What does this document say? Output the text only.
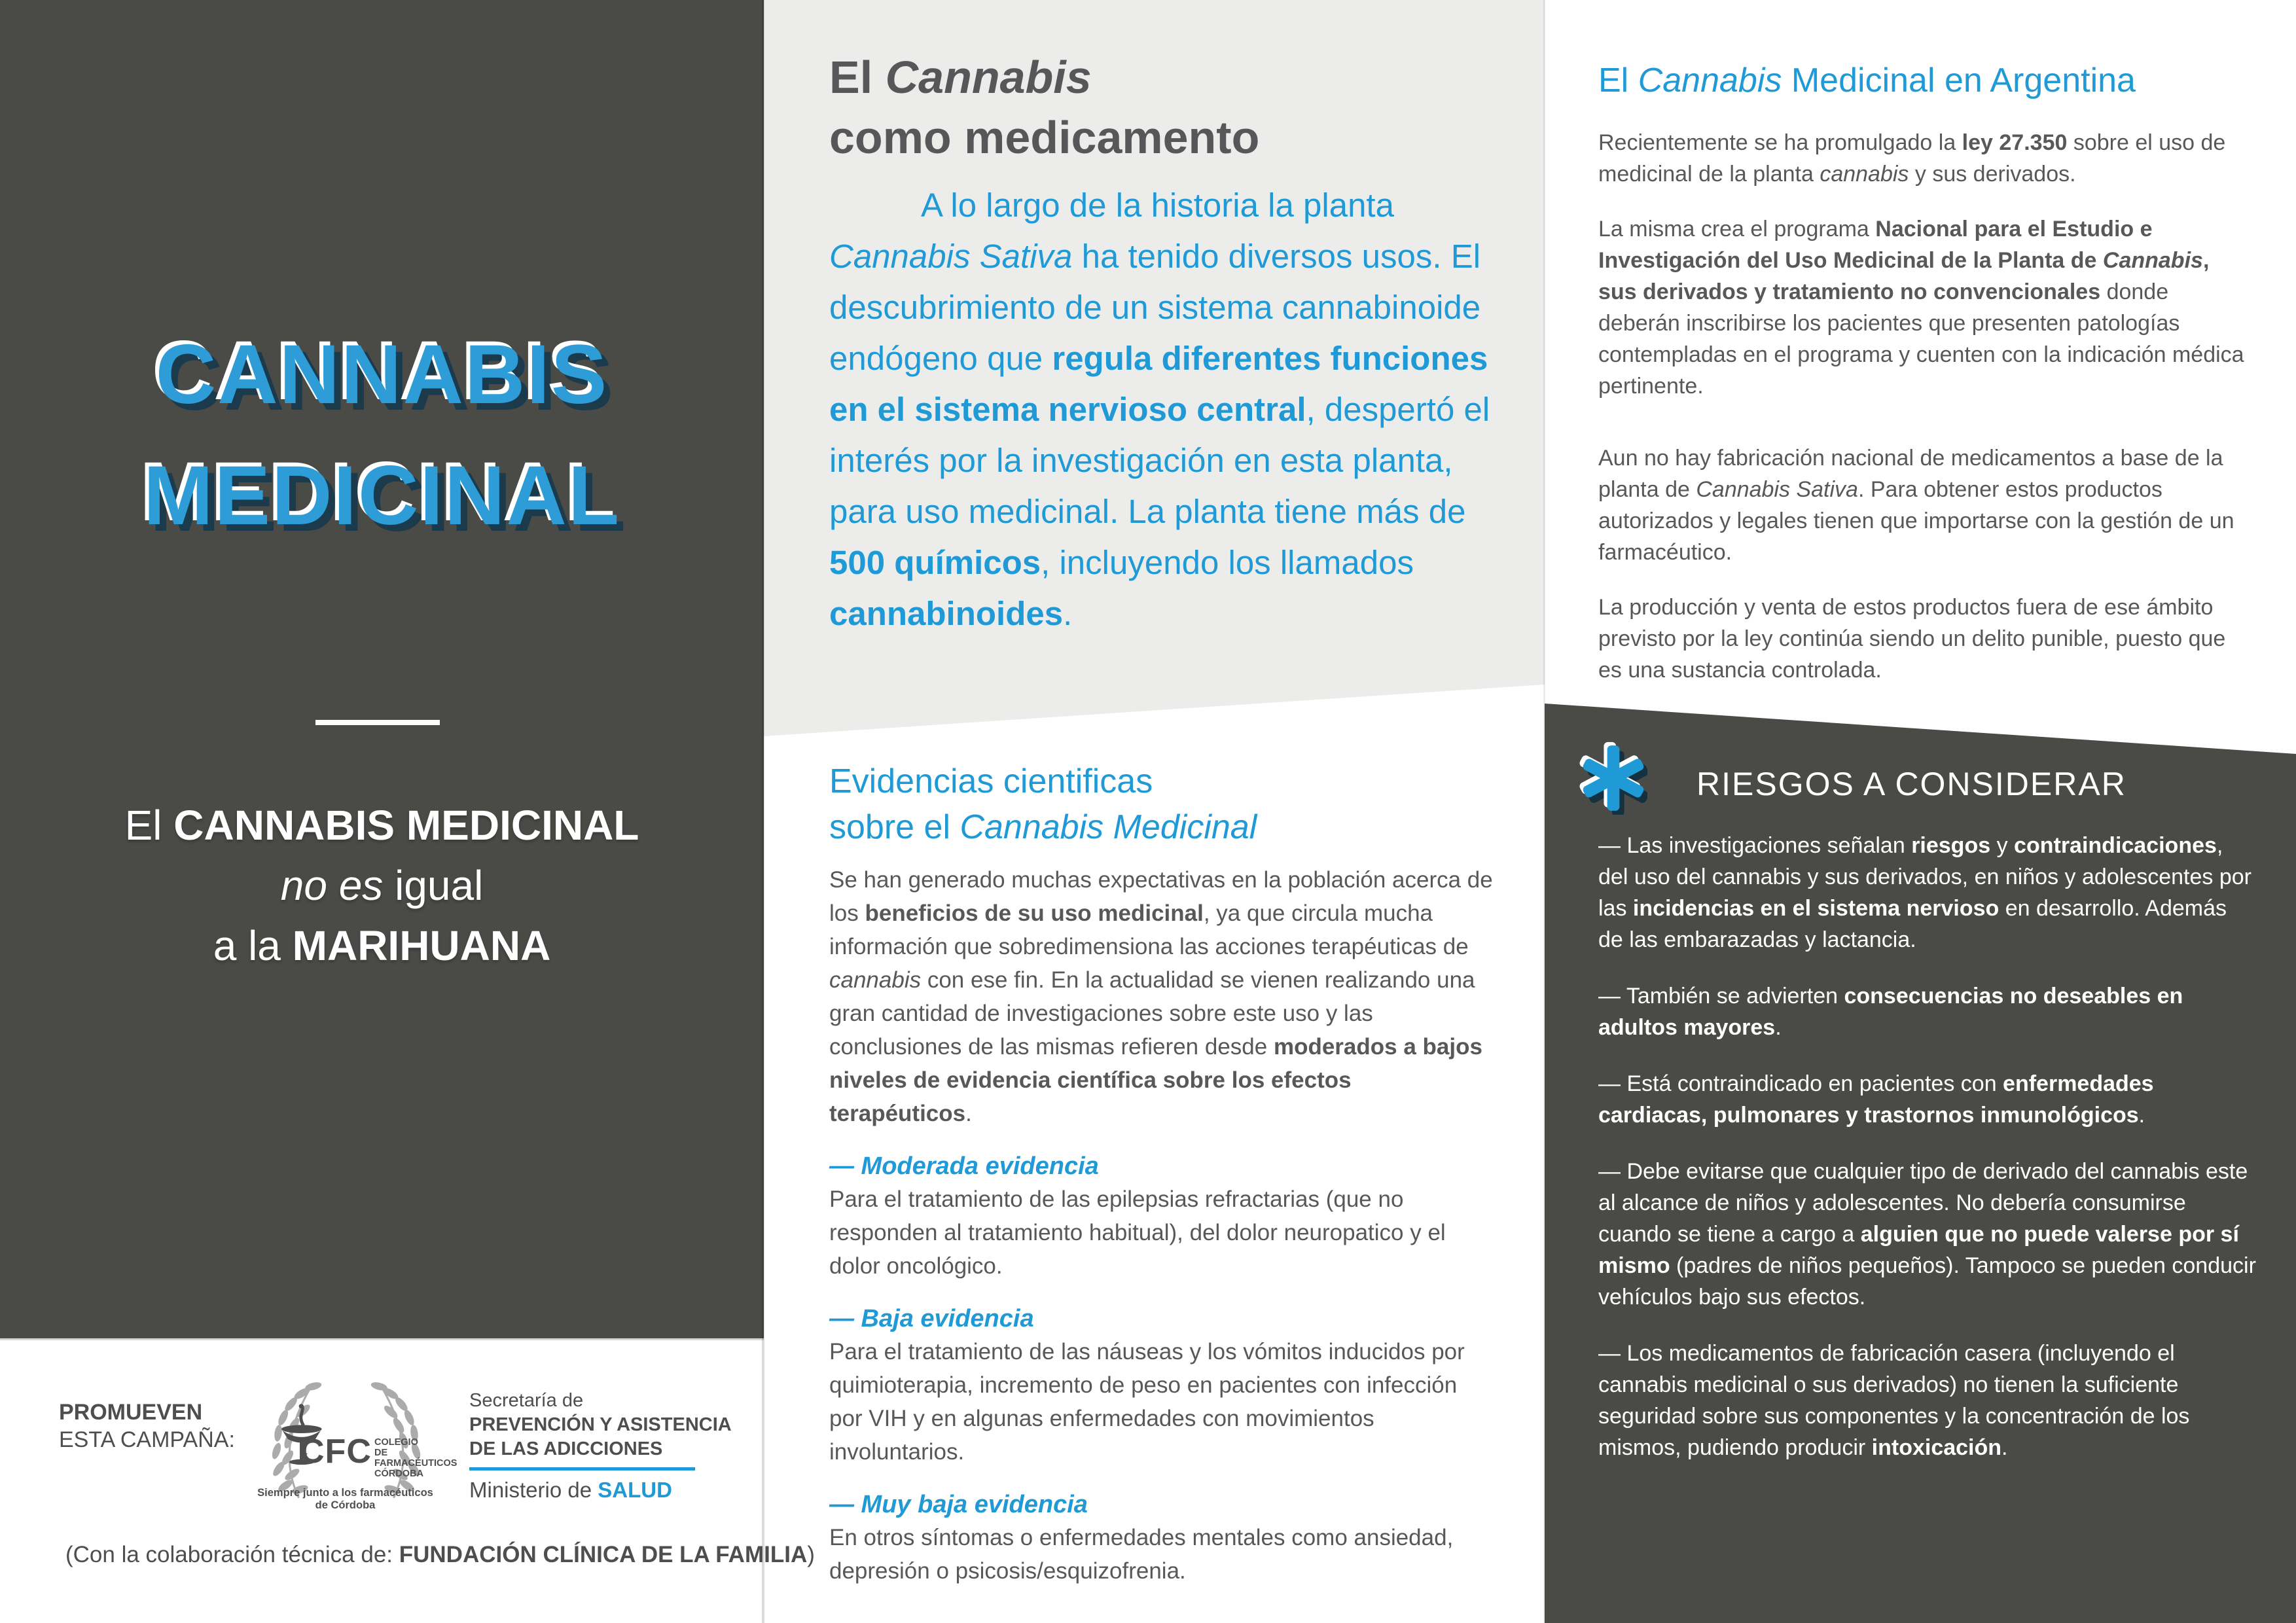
CANNABIS
MEDICINAL
El CANNABIS MEDICINAL
no es igual
a la MARIHUANA
PROMUEVEN
ESTA CAMPAÑA: CFC COLEGIO
DE FARMACÉUTICOS
CÓRDOBA
Siempre junto a los farmacéuticos de Córdoba
Secretaría de
PREVENCIÓN Y ASISTENCIA
DE LAS ADICCIONES
Ministerio de SALUD
(Con la colaboración técnica de: FUNDACIÓN CLÍNICA DE LA FAMILIA)
El Cannabis
como medicamento
A lo largo de la historia la planta Cannabis Sativa ha tenido diversos usos. El descubrimiento de un sistema cannabinoide endógeno que regula diferentes funciones en el sistema nervioso central, despertó el interés por la investigación en esta planta, para uso medicinal. La planta tiene más de 500 químicos, incluyendo los llamados cannabinoides.
Evidencias cientificas
sobre el Cannabis Medicinal
Se han generado muchas expectativas en la población acerca de los beneficios de su uso medicinal, ya que circula mucha información que sobredimensiona las acciones terapéuticas de cannabis con ese fin. En la actualidad se vienen realizando una gran cantidad de investigaciones sobre este uso y las conclusiones de las mismas refieren desde moderados a bajos niveles de evidencia científica sobre los efectos terapéuticos.
— Moderada evidencia
Para el tratamiento de las epilepsias refractarias (que no responden al tratamiento habitual), del dolor neuropatico y el dolor oncológico.
— Baja evidencia
Para el tratamiento de las náuseas y los vómitos inducidos por quimioterapia, incremento de peso en pacientes con infección por VIH y en algunas enfermedades con movimientos involuntarios.
— Muy baja evidencia
En otros síntomas o enfermedades mentales como ansiedad, depresión o psicosis/esquizofrenia.
El Cannabis Medicinal en Argentina
Recientemente se ha promulgado la ley 27.350 sobre el uso de medicinal de la planta cannabis y sus derivados.
La misma crea el programa Nacional para el Estudio e Investigación del Uso Medicinal de la Planta de Cannabis, sus derivados y tratamiento no convencionales donde deberán inscribirse los pacientes que presenten patologías contempladas en el programa y cuenten con la indicación médica pertinente.
Aun no hay fabricación nacional de medicamentos a base de la planta de Cannabis Sativa. Para obtener estos productos autorizados y legales tienen que importarse con la gestión de un farmacéutico.
La producción y venta de estos productos fuera de ese ámbito previsto por la ley continúa siendo un delito punible, puesto que es una sustancia controlada.
RIESGOS A CONSIDERAR
— Las investigaciones señalan riesgos y contraindicaciones, del uso del cannabis y sus derivados, en niños y adolescentes por las incidencias en el sistema nervioso en desarrollo. Además de las embarazadas y lactancia.
— También se advierten consecuencias no deseables en adultos mayores.
— Está contraindicado en pacientes con enfermedades cardiacas, pulmonares y trastornos inmunológicos.
— Debe evitarse que cualquier tipo de derivado del cannabis este al alcance de niños y adolescentes. No debería consumirse cuando se tiene a cargo a alguien que no puede valerse por sí mismo (padres de niños pequeños). Tampoco se pueden conducir vehículos bajo sus efectos.
— Los medicamentos de fabricación casera (incluyendo el cannabis medicinal o sus derivados) no tienen la suficiente seguridad sobre sus componentes y la concentración de los mismos, pudiendo producir intoxicación.
